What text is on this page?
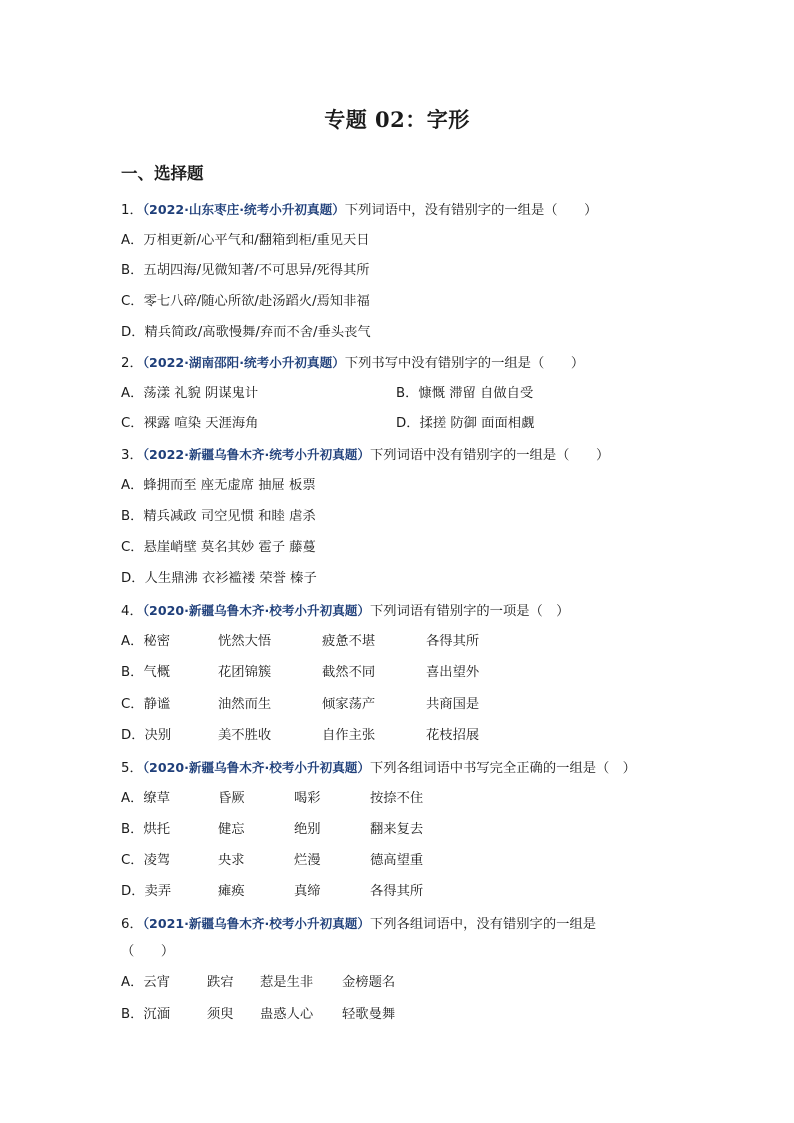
专题 02：字形
一、选择题
1．（2022·山东枣庄·统考小升初真题）下列词语中，没有错别字的一组是（　　）
A．万相更新/心平气和/翻箱到柜/重见天日
B．五胡四海/见微知著/不可思异/死得其所
C．零七八碎/随心所欲/赴汤蹈火/焉知非福
D．精兵简政/高歌慢舞/弃而不舍/垂头丧气
2．（2022·湖南邵阳·统考小升初真题）下列书写中没有错别字的一组是（　　）
A．荡漾 礼貌 阴谋鬼计	B．慷慨 滞留 自做自受
C．裸露 喧染 天涯海角	D．揉搓 防御 面面相觑
3．（2022·新疆乌鲁木齐·统考小升初真题）下列词语中没有错别字的一组是（　　）
A．蜂拥而至 座无虚席 抽屉 板票
B．精兵减政 司空见惯 和睦 虐杀
C．悬崖峭壁 莫名其妙 雹子 藤蔓
D．人生鼎沸 衣衫褴褛 荣誉 榛子
4．（2020·新疆乌鲁木齐·校考小升初真题）下列词语有错别字的一项是（　）
A．秘密	恍然大悟	疲惫不堪	各得其所
B．气概	花团锦簇	截然不同	喜出望外
C．静谧	油然而生	倾家荡产	共商国是
D．决别	美不胜收	自作主张	花枝招展
5．（2020·新疆乌鲁木齐·校考小升初真题）下列各组词语中书写完全正确的一组是（　）
A．缭草	昏厥	喝彩	按捺不住
B．烘托	健忘	绝别	翻来复去
C．凌驾	央求	烂漫	德高望重
D．卖弄	瘫痪	真缔	各得其所
6．（2021·新疆乌鲁木齐·校考小升初真题）下列各组词语中，没有错别字的一组是
（　　）
A．云宵	跌宕 惹是生非 金榜题名
B．沉湎	须臾 蛊惑人心 轻歌曼舞
